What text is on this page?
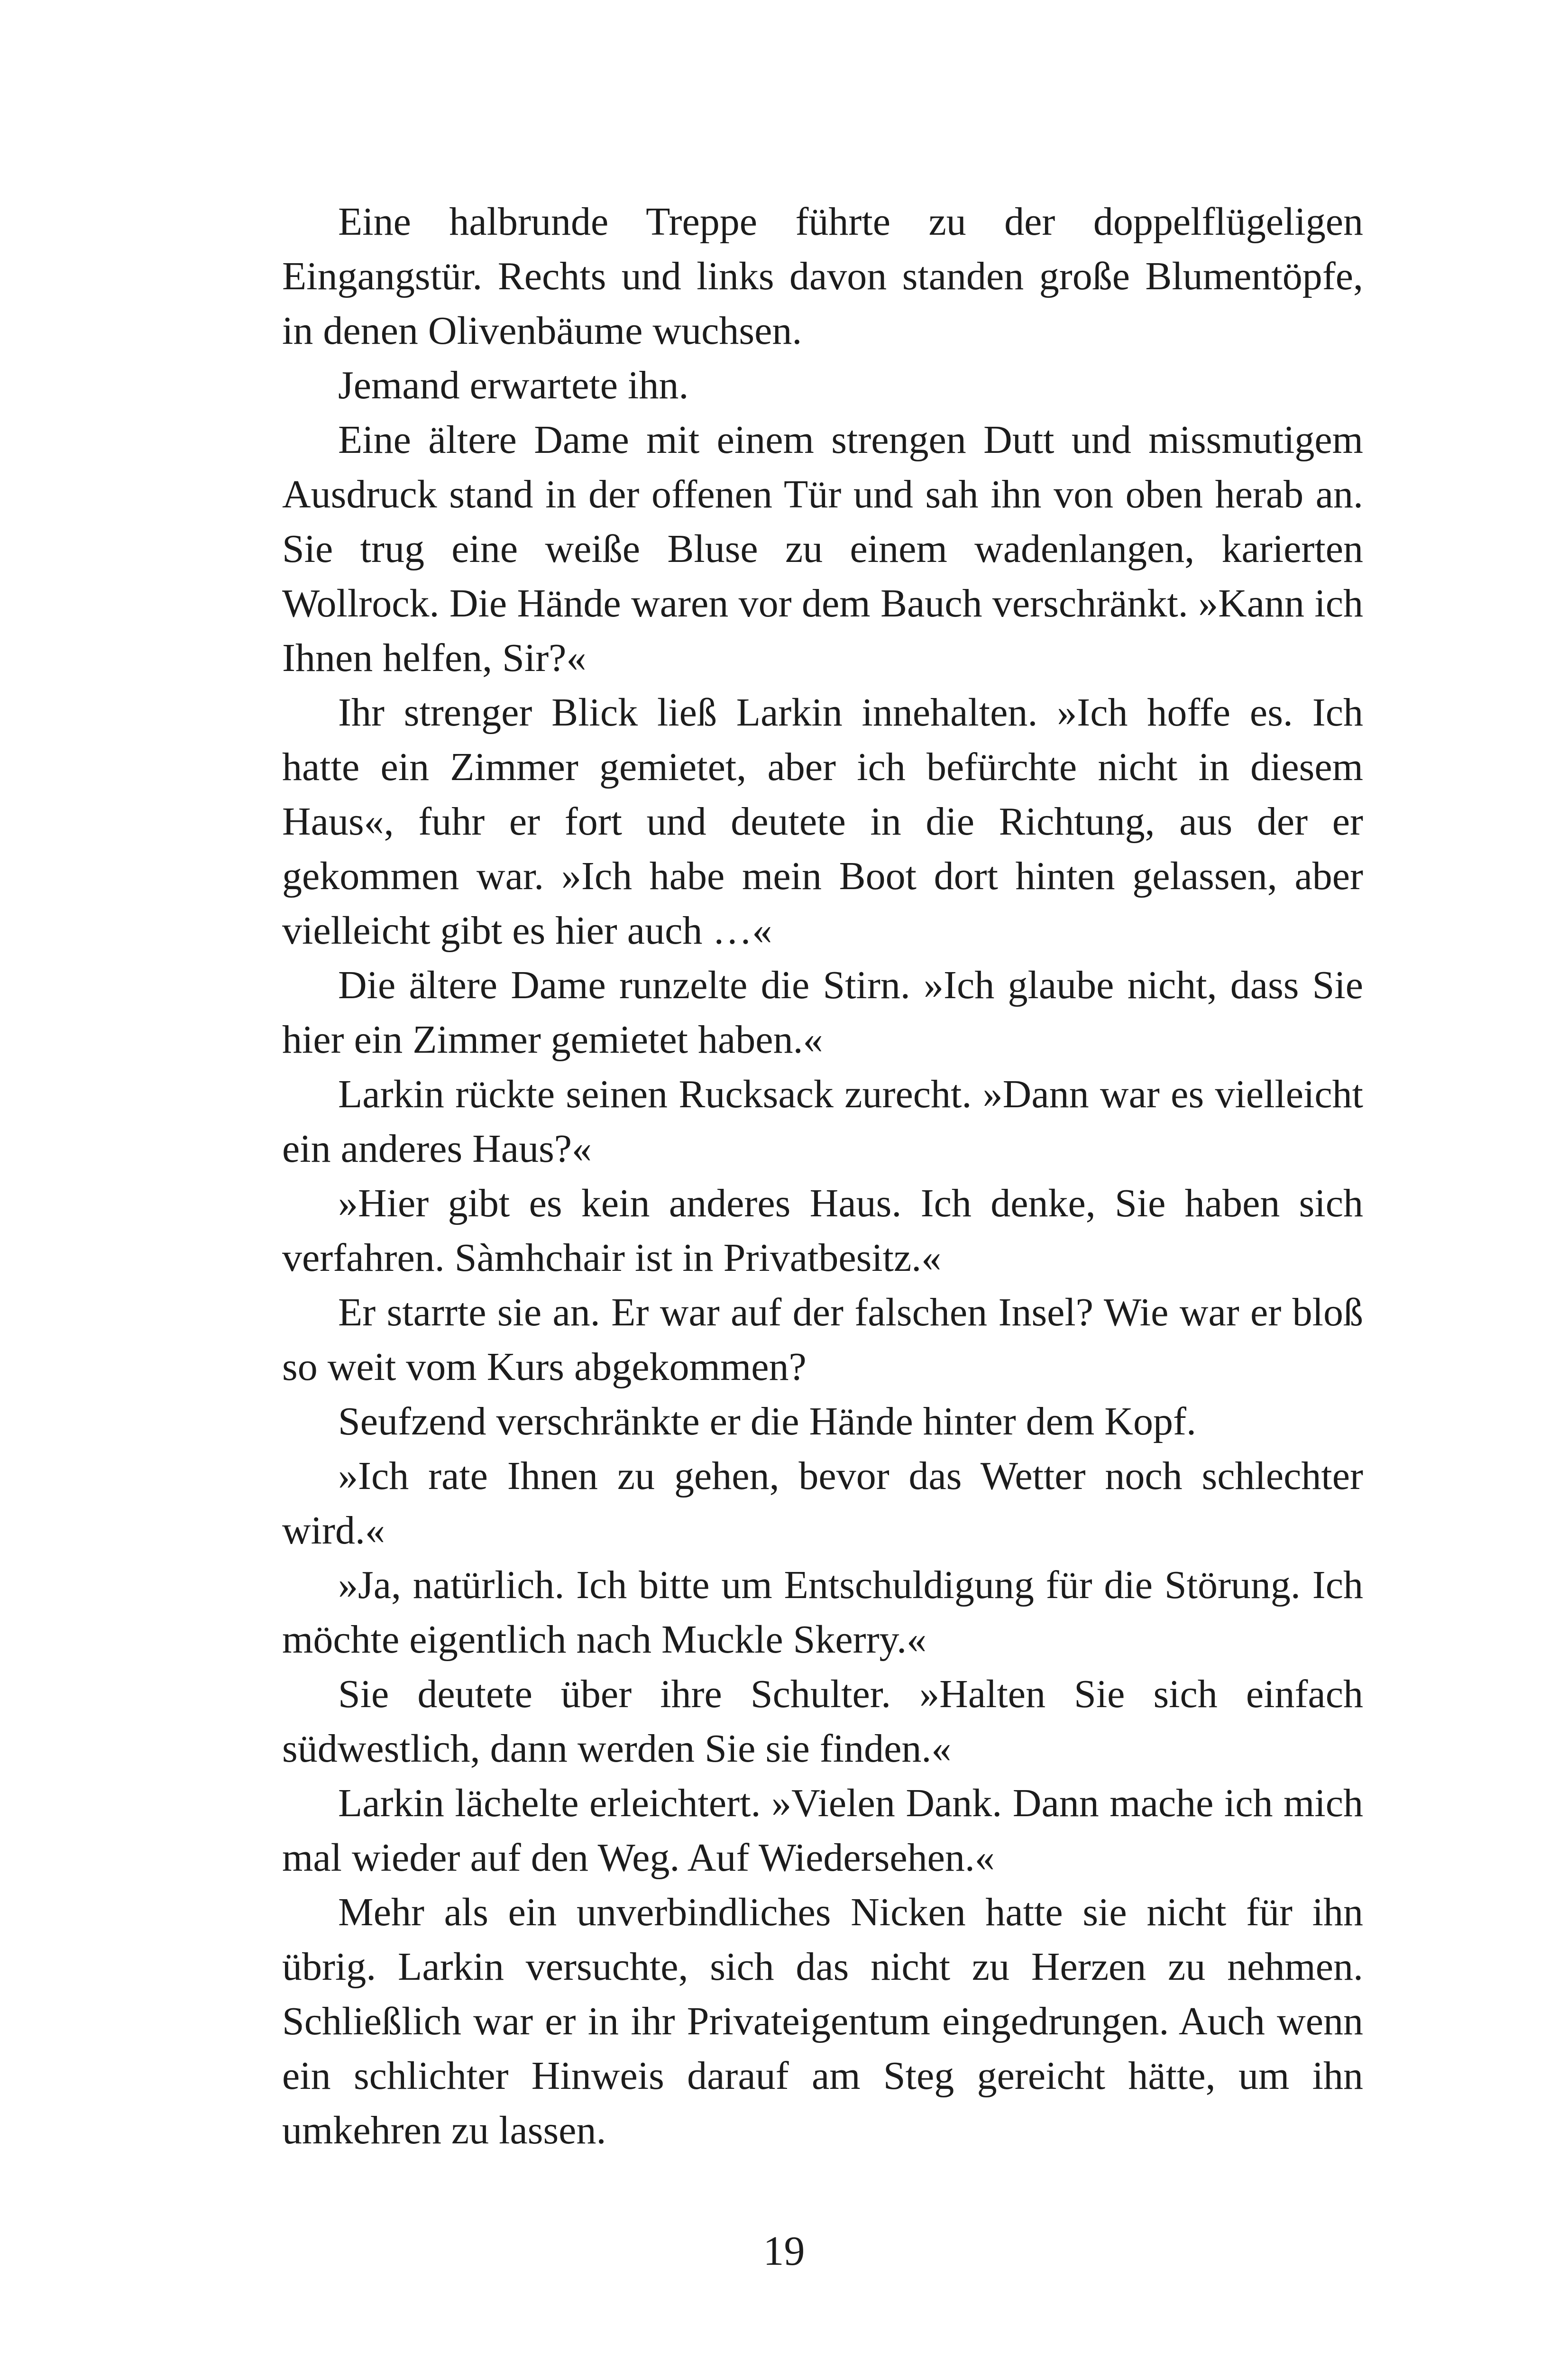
Eine halbrunde Treppe führte zu der doppelflügeligen Eingangstür. Rechts und links davon standen große Blumentöpfe, in denen Olivenbäume wuchsen.

Jemand erwartete ihn.

Eine ältere Dame mit einem strengen Dutt und missmutigem Ausdruck stand in der offenen Tür und sah ihn von oben herab an. Sie trug eine weiße Bluse zu einem wadenlangen, karierten Wollrock. Die Hände waren vor dem Bauch verschränkt. »Kann ich Ihnen helfen, Sir?«

Ihr strenger Blick ließ Larkin innehalten. »Ich hoffe es. Ich hatte ein Zimmer gemietet, aber ich befürchte nicht in diesem Haus«, fuhr er fort und deutete in die Richtung, aus der er gekommen war. »Ich habe mein Boot dort hinten gelassen, aber vielleicht gibt es hier auch …«

Die ältere Dame runzelte die Stirn. »Ich glaube nicht, dass Sie hier ein Zimmer gemietet haben.«

Larkin rückte seinen Rucksack zurecht. »Dann war es vielleicht ein anderes Haus?«

»Hier gibt es kein anderes Haus. Ich denke, Sie haben sich verfahren. Sàmhchair ist in Privatbesitz.«

Er starrte sie an. Er war auf der falschen Insel? Wie war er bloß so weit vom Kurs abgekommen?

Seufzend verschränkte er die Hände hinter dem Kopf.

»Ich rate Ihnen zu gehen, bevor das Wetter noch schlechter wird.«

»Ja, natürlich. Ich bitte um Entschuldigung für die Störung. Ich möchte eigentlich nach Muckle Skerry.«

Sie deutete über ihre Schulter. »Halten Sie sich einfach südwestlich, dann werden Sie sie finden.«

Larkin lächelte erleichtert. »Vielen Dank. Dann mache ich mich mal wieder auf den Weg. Auf Wiedersehen.«

Mehr als ein unverbindliches Nicken hatte sie nicht für ihn übrig. Larkin versuchte, sich das nicht zu Herzen zu nehmen. Schließlich war er in ihr Privateigentum eingedrungen. Auch wenn ein schlichter Hinweis darauf am Steg gereicht hätte, um ihn umkehren zu lassen.

19
